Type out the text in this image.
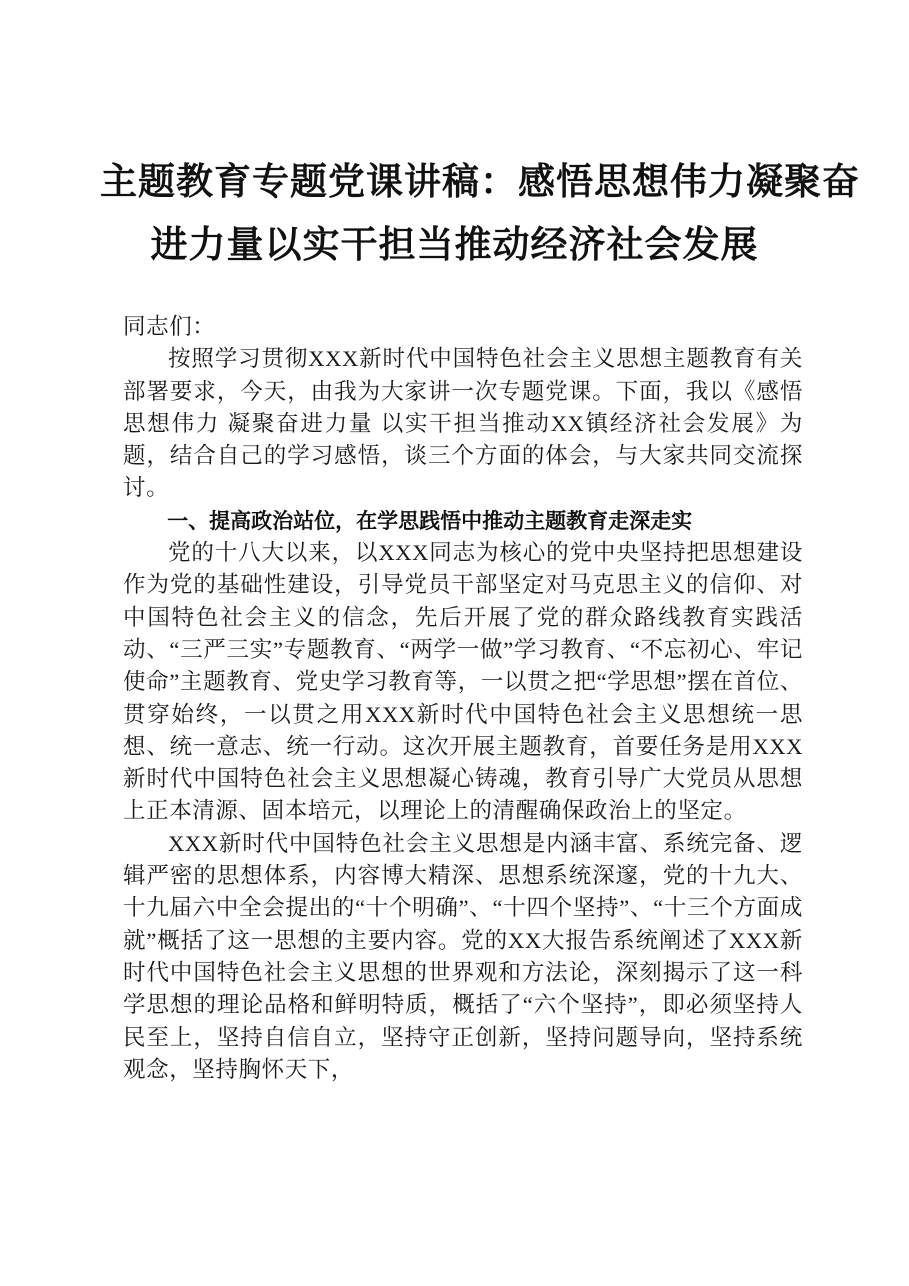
主题教育专题党课讲稿：感悟思想伟力凝聚奋
进力量以实干担当推动经济社会发展

同志们：

按照学习贯彻XXX新时代中国特色社会主义思想主题教育有关部署要求，今天，由我为大家讲一次专题党课。下面，我以《感悟思想伟力 凝聚奋进力量 以实干担当推动XX镇经济社会发展》为题，结合自己的学习感悟，谈三个方面的体会，与大家共同交流探讨。

一、提高政治站位，在学思践悟中推动主题教育走深走实

党的十八大以来，以XXX同志为核心的党中央坚持把思想建设作为党的基础性建设，引导党员干部坚定对马克思主义的信仰、对中国特色社会主义的信念，先后开展了党的群众路线教育实践活动、“三严三实”专题教育、“两学一做”学习教育、“不忘初心、牢记使命”主题教育、党史学习教育等，一以贯之把“学思想”摆在首位、贯穿始终，一以贯之用XXX新时代中国特色社会主义思想统一思想、统一意志、统一行动。这次开展主题教育，首要任务是用XXX新时代中国特色社会主义思想凝心铸魂，教育引导广大党员从思想上正本清源、固本培元，以理论上的清醒确保政治上的坚定。

XXX新时代中国特色社会主义思想是内涵丰富、系统完备、逻辑严密的思想体系，内容博大精深、思想系统深邃，党的十九大、十九届六中全会提出的“十个明确”、“十四个坚持”、“十三个方面成就”概括了这一思想的主要内容。党的XX大报告系统阐述了XXX新时代中国特色社会主义思想的世界观和方法论，深刻揭示了这一科学思想的理论品格和鲜明特质，概括了“六个坚持”，即必须坚持人民至上，坚持自信自立，坚持守正创新，坚持问题导向，坚持系统观念，坚持胸怀天下，
